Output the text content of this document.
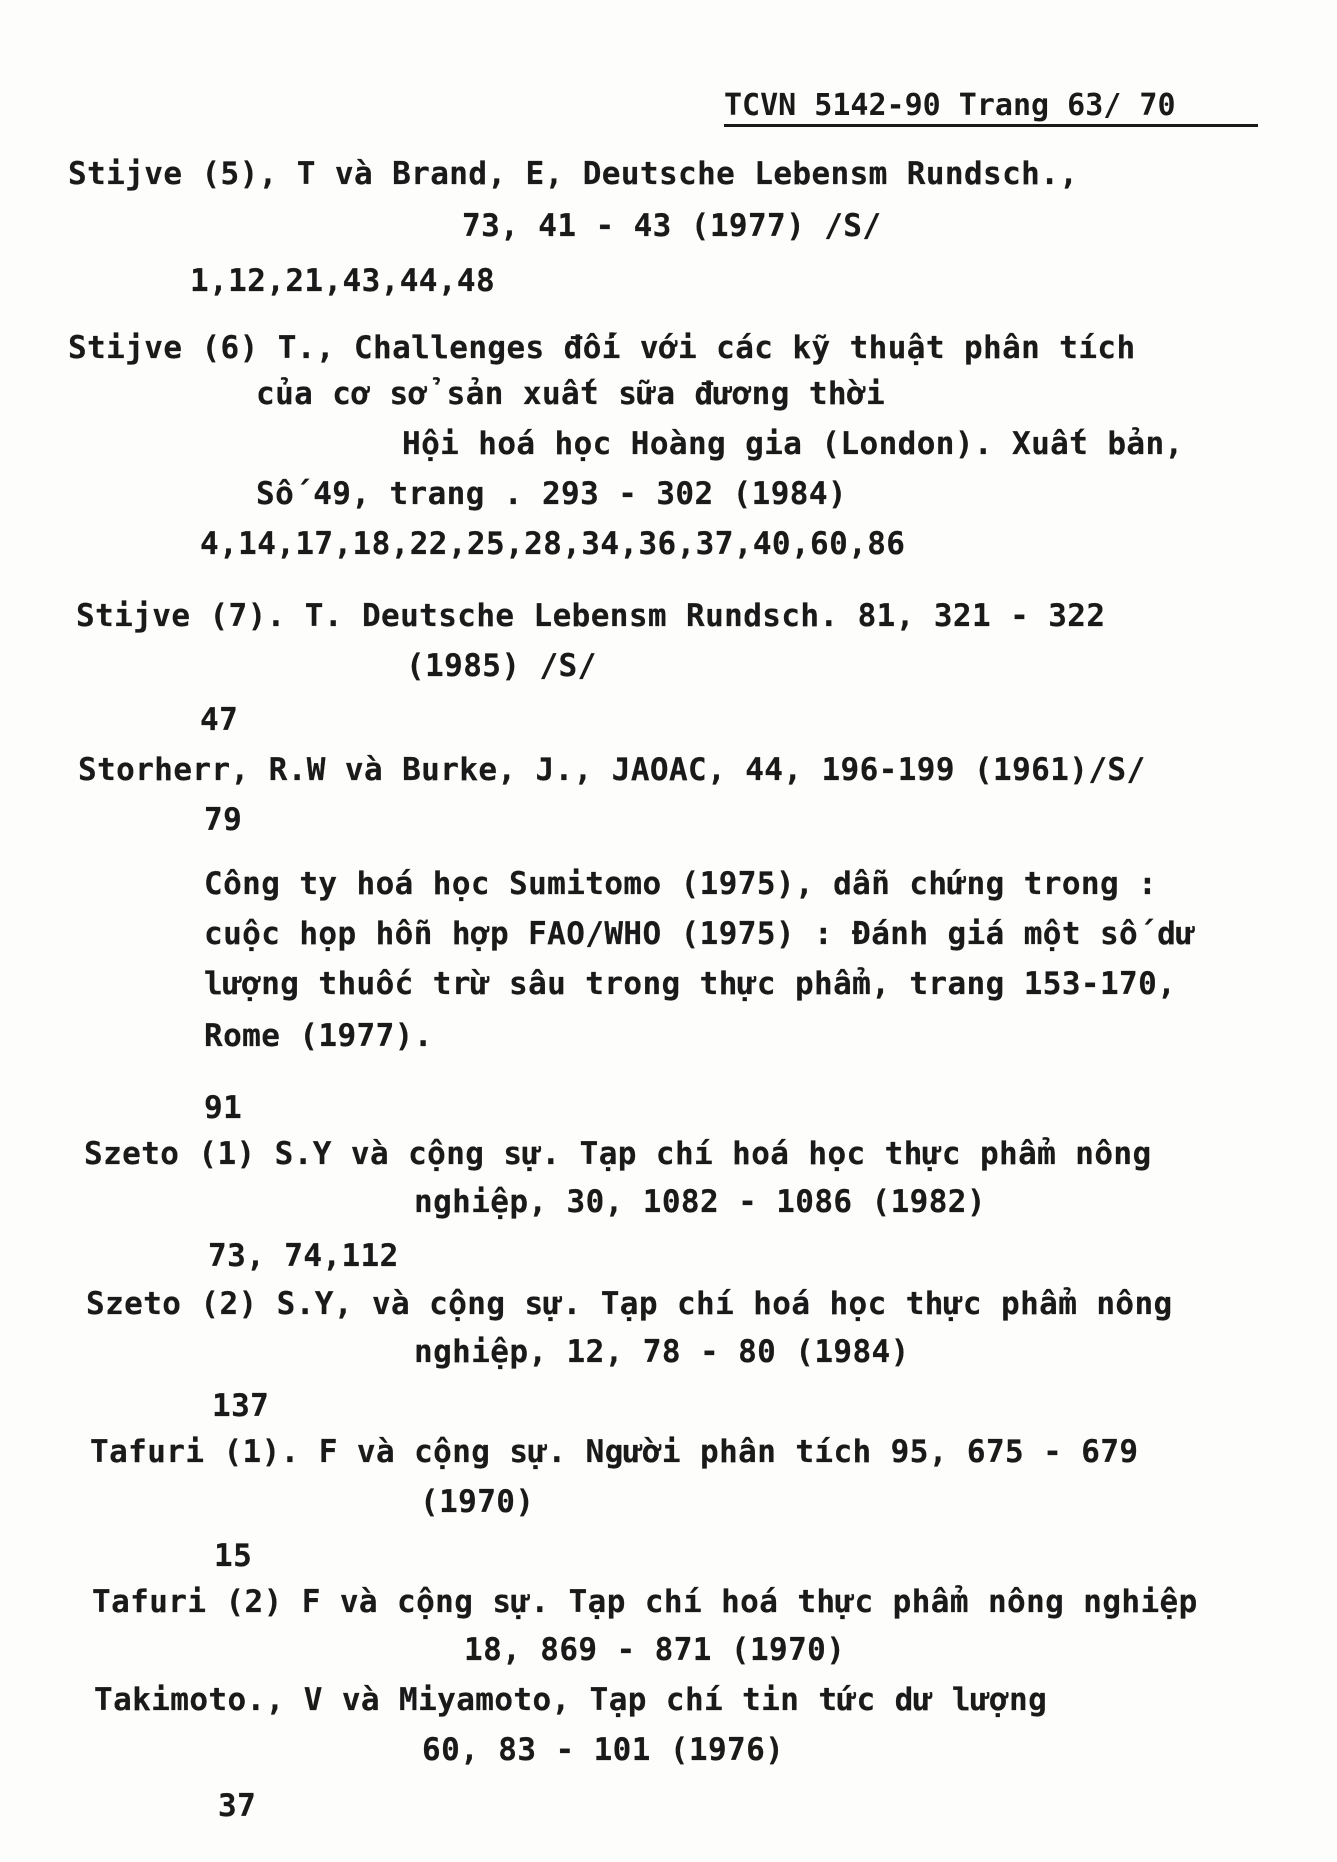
TCVN 5142-90 Trang 63/ 70
Stijve (5), T và Brand, E, Deutsche Lebensm Rundsch.,
73, 41 - 43 (1977) /S/
1,12,21,43,44,48
Stijve (6) T., Challenges đối với các kỹ thuật phân tích
của cơ sở sản xuất sữa đương thời
Hội hoá học Hoàng gia (London). Xuất bản,
Số 49, trang . 293 - 302 (1984)
4,14,17,18,22,25,28,34,36,37,40,60,86
Stijve (7). T. Deutsche Lebensm Rundsch. 81, 321 - 322
(1985) /S/
47
Storherr, R.W và Burke, J., JAOAC, 44, 196-199 (1961)/S/
79
Công ty hoá học Sumitomo (1975), dẫn chứng trong :
cuộc họp hỗn hợp FAO/WHO (1975) : Đánh giá một số dư
lượng thuốc trừ sâu trong thực phẩm, trang 153-170,
Rome (1977).
91
Szeto (1) S.Y và cộng sự. Tạp chí hoá học thực phẩm nông
nghiệp, 30, 1082 - 1086 (1982)
73, 74,112
Szeto (2) S.Y, và cộng sự. Tạp chí hoá học thực phẩm nông
nghiệp, 12, 78 - 80 (1984)
137
Tafuri (1). F và cộng sự. Người phân tích 95, 675 - 679
(1970)
15
Tafuri (2) F và cộng sự. Tạp chí hoá thực phẩm nông nghiệp
18, 869 - 871 (1970)
Takimoto., V và Miyamoto, Tạp chí tin tức dư lượng
60, 83 - 101 (1976)
37
